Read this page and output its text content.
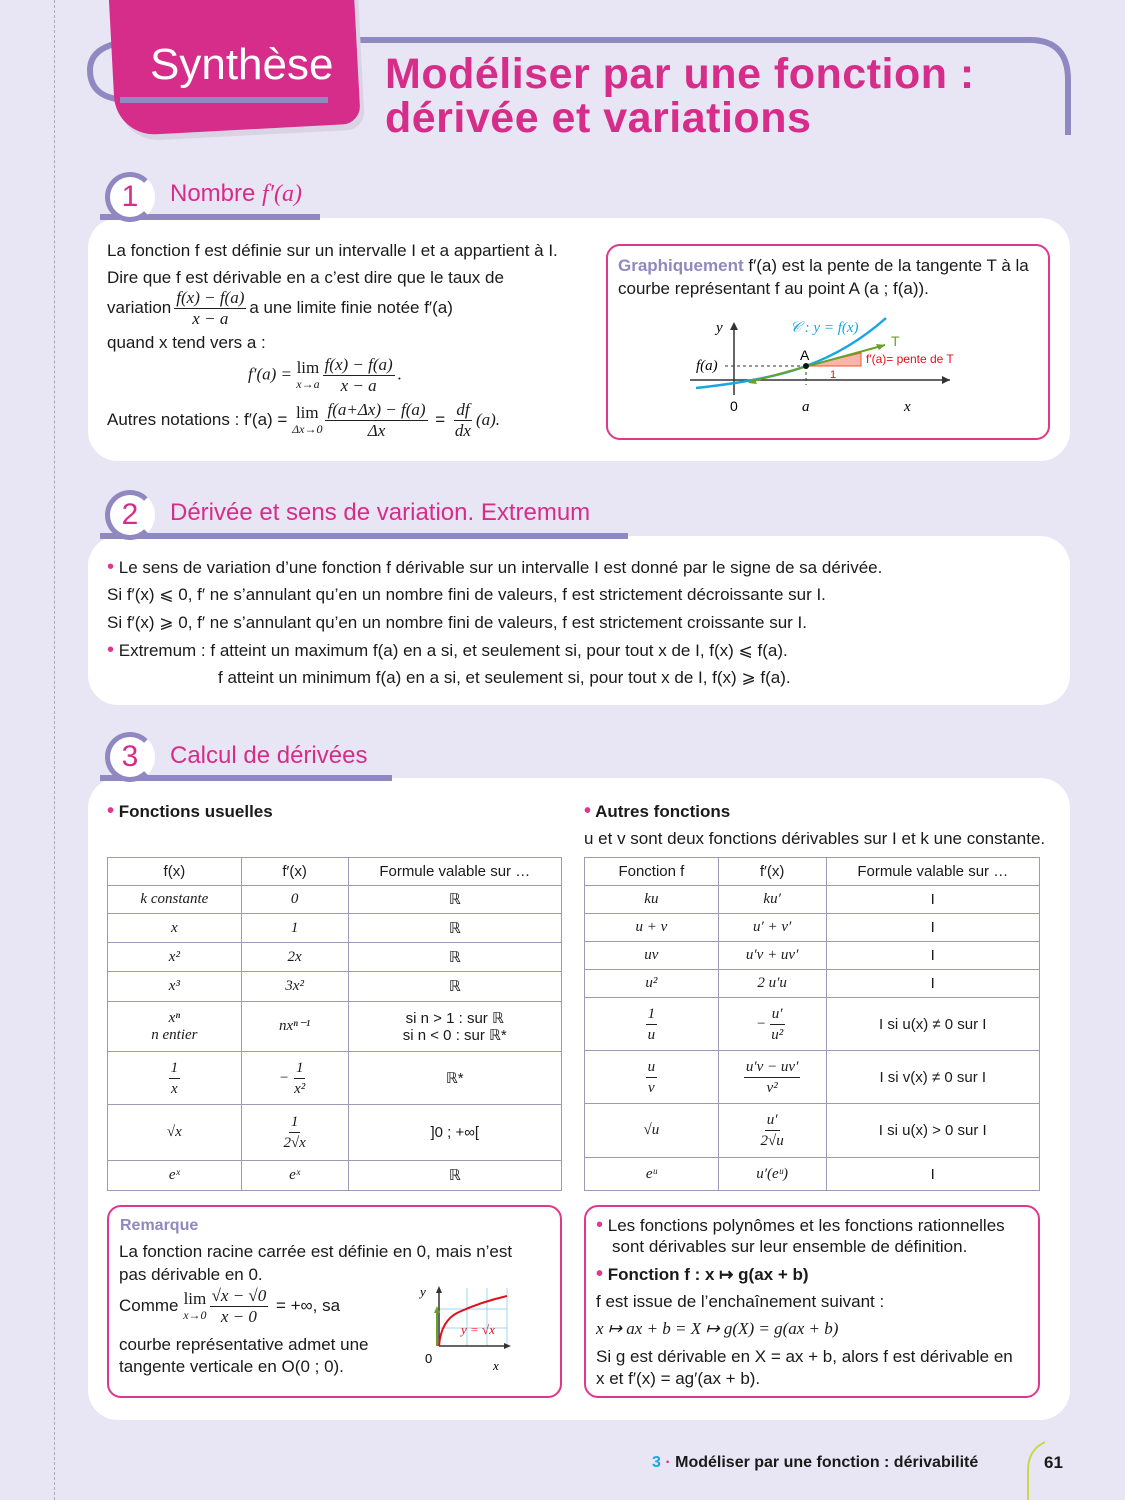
Synthèse Modéliser par une fonction :
dérivée et variations
1	Nombre f′(a)
La fonction f est définie sur un intervalle I et a appartient à I.
Dire que f est dérivable en a c’est dire que le taux de
variation $\frac{f(x) - f(a)}{x - a}$ a une limite finie notée f′(a)
quand x tend vers a :
f′(a) = lim
$x\to a \frac{f(x) - f(a)}{x - a}$ .
Autres notations : f′(a) = lim
$\Delta x\to 0 \frac{f(a+\Delta x) - f(a)}{\Delta x} = \frac{df}{dx} (a)$.
Graphiquement f′(a) est la pente de la tangente T à la
courbe représentant f au point A (a ; f(a)).
𝒞 : y = f(x)
T
A
f(a)	f′(a)= pente de T
1
y
x
0	a
2	Dérivée et sens de variation. Extremum
• Le sens de variation d’une fonction f dérivable sur un intervalle I est donné par le signe de sa dérivée.
Si f′(x) ⩽ 0, f′ ne s’annulant qu’en un nombre fini de valeurs, f est strictement décroissante sur I.
Si f′(x) ⩾ 0, f′ ne s’annulant qu’en un nombre fini de valeurs, f est strictement croissante sur I.
• Extremum : f atteint un maximum f(a) en a si, et seulement si, pour tout x de I, f(x) ⩽ f(a).
f atteint un minimum f(a) en a si, et seulement si, pour tout x de I, f(x) ⩾ f(a).
3	Calcul de dérivées
• Fonctions usuelles	• Autres fonctions
u et v sont deux fonctions dérivables sur I et k une constante.
f(x)	f′(x)	Formule valable sur …
k constante	0	ℝ
x	1	ℝ
x²	2x	ℝ
x³	3x²	ℝ
xⁿ
n entier	nxⁿ⁻¹	si n > 1 : sur ℝ
si n < 0 : sur ℝ*

$\frac{1}{x}$	− $\frac{1}{\text{x²}}$	ℝ*
√x	$\frac{1}{2√x}$	]0 ; +∞[
eˣ	eˣ	ℝ
Fonction f	f′(x)	Formule valable sur …
ku	ku′	I
u + v	u′ + v′	I
uv	u′v + uv′	I
u²	2 u′u	I

$\frac{1}{u}$	− $\frac{u'}{\text{u²}}$	I si u(x) ≠ 0 sur I

$\frac{u}{v}$	$\frac{u'v - uv'}{\text{v²}}$	I si v(x) ≠ 0 sur I
√u	$\frac{u'}{2√u}$	I si u(x) > 0 sur I
eᵘ	u′(eᵘ)	I
Remarque
La fonction racine carrée est définie en 0, mais n’est
pas dérivable en 0.
Comme lim
$x\to 0 \frac{√x - √0}{x - 0}$ = +∞, sa
courbe représentative admet une
tangente verticale en O(0 ; 0).
y
x
0
y = √x
• Les fonctions polynômes et les fonctions rationnelles
sont dérivables sur leur ensemble de définition.
• Fonction f : x ↦ g(ax + b)
f est issue de l’enchaînement suivant :
x ↦ ax + b = X ↦ g(X) = g(ax + b)
Si g est dérivable en X = ax + b, alors f est dérivable en
x et f′(x) = ag′(ax + b).
3 · Modéliser par une fonction : dérivabilité	61
